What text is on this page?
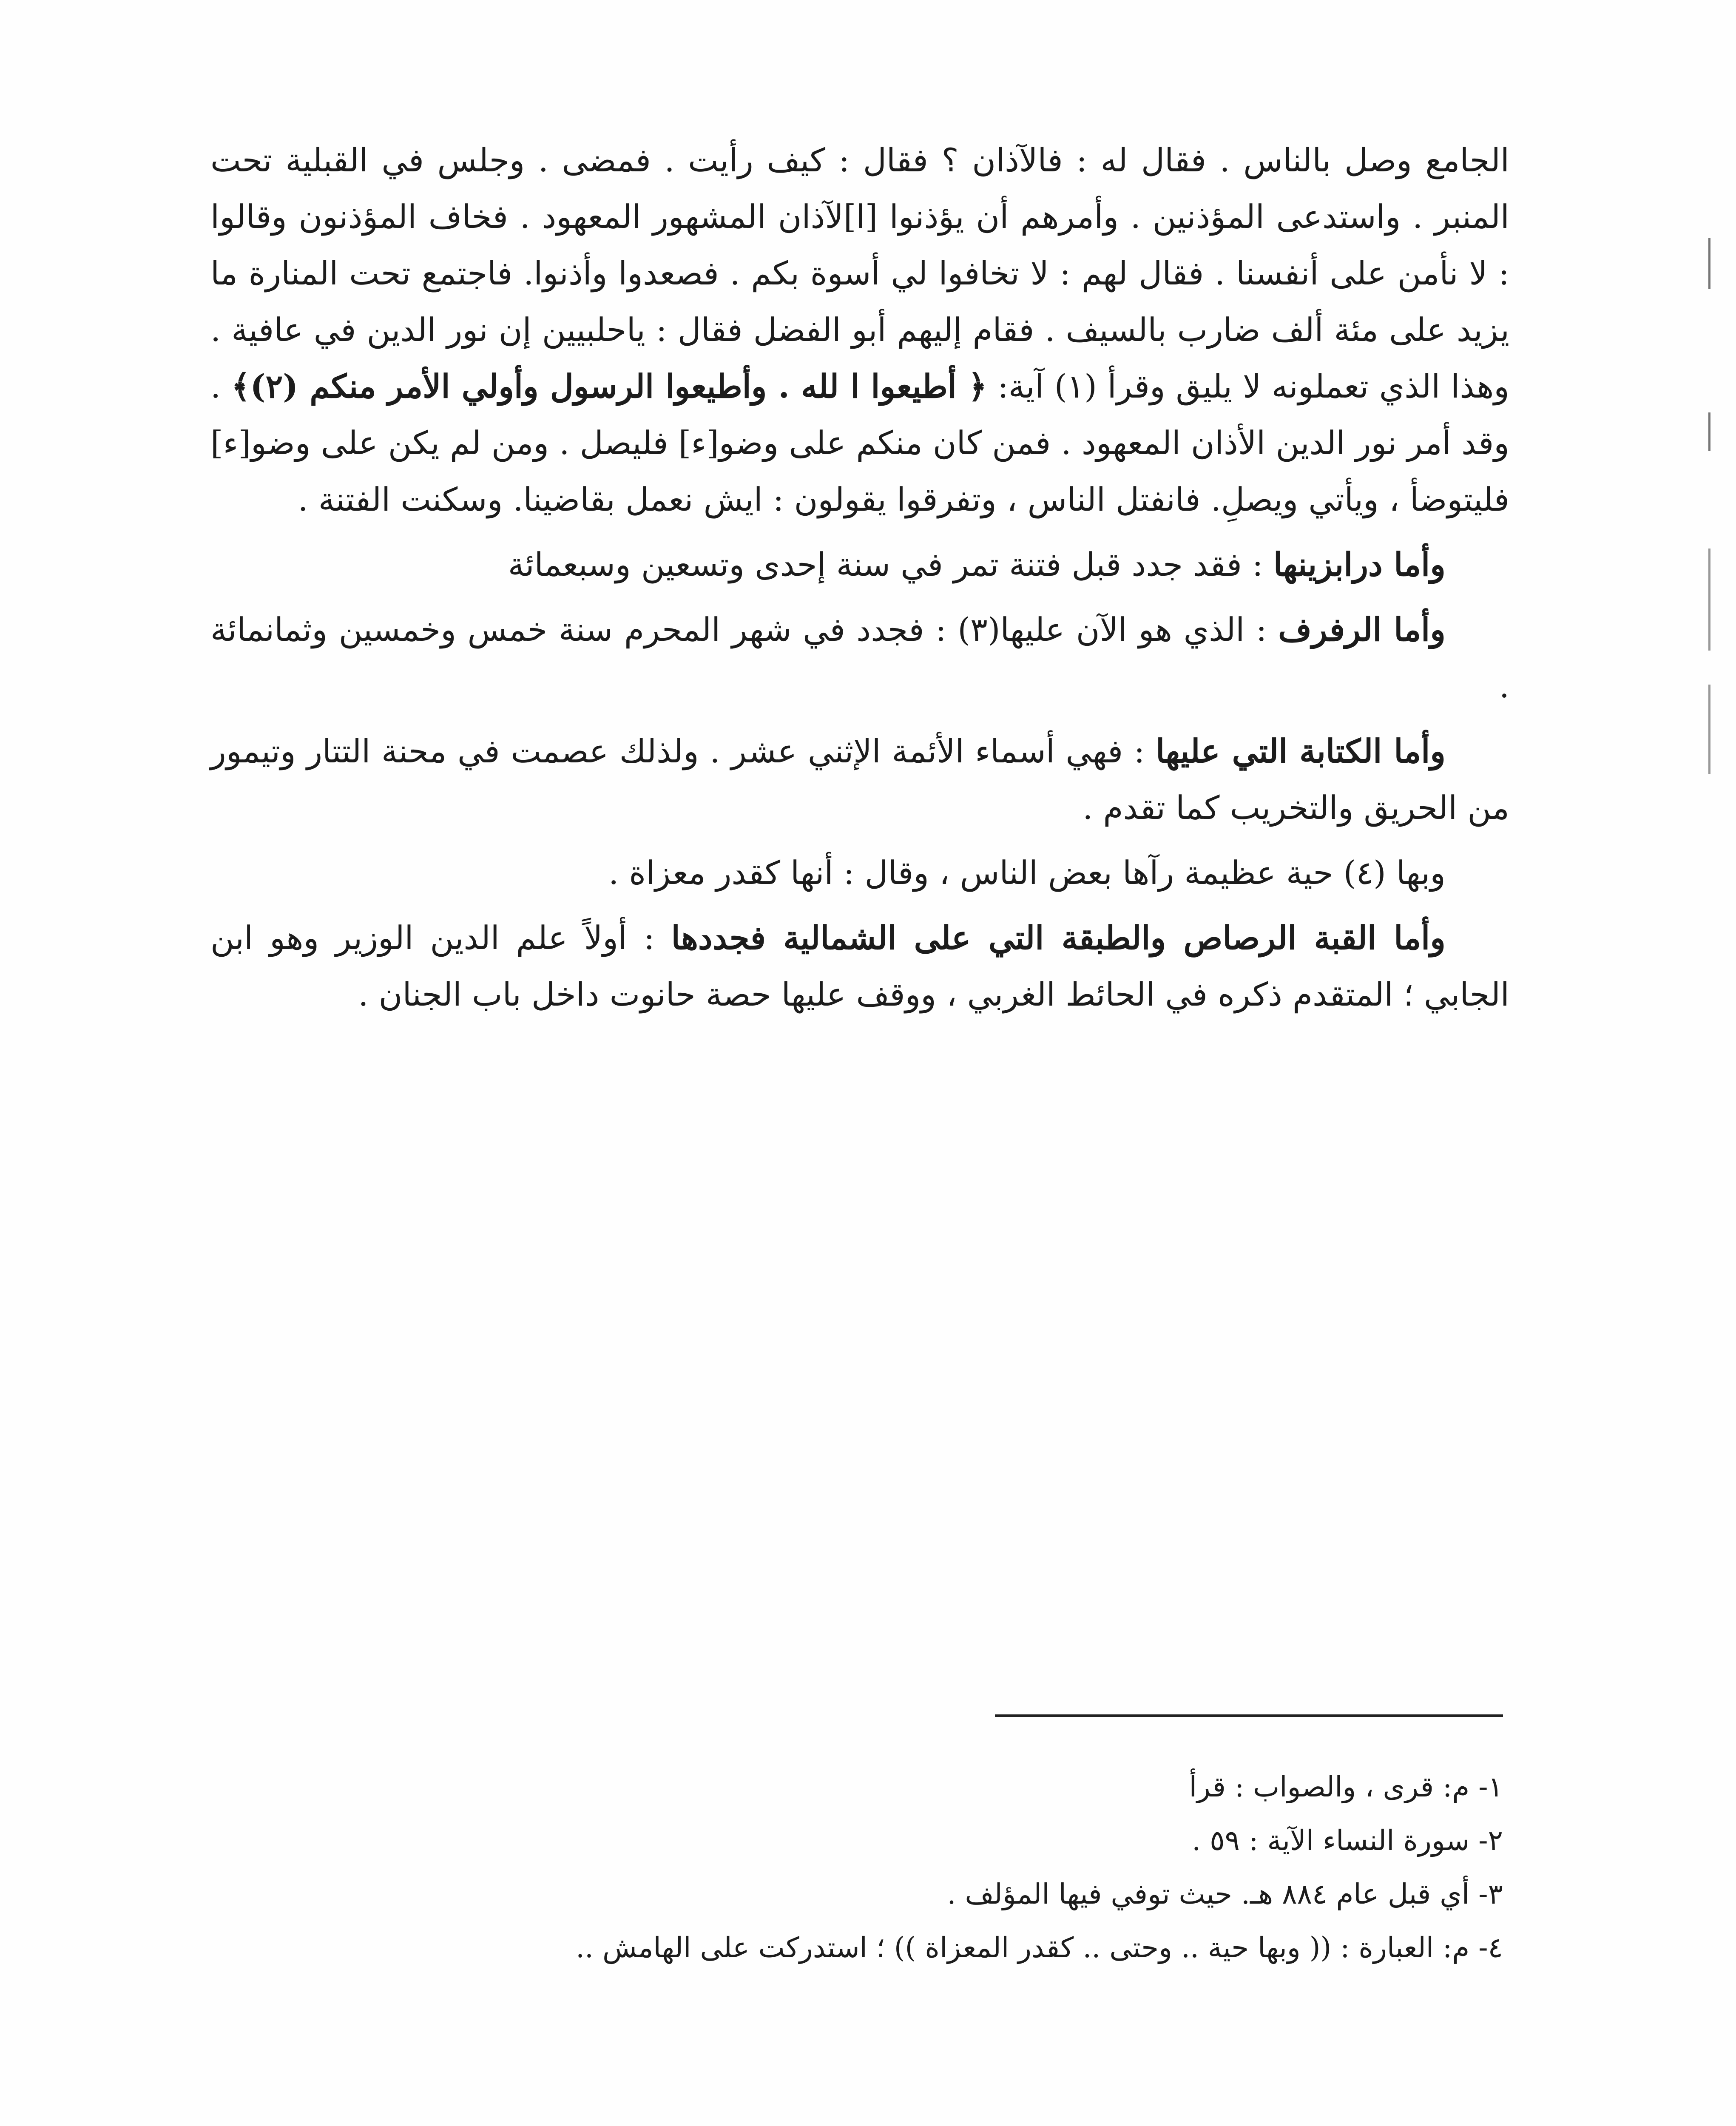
الجامع وصل بالناس . فقال له : فالآذان ؟ فقال : كيف رأيت . فمضى . وجلس في القبلية تحت المنبر . واستدعى المؤذنين . وأمرهم أن يؤذنوا [ا]لآذان المشهور المعهود . فخاف المؤذنون وقالوا : لا نأمن على أنفسنا . فقال لهم : لا تخافوا لي أسوة بكم . فصعدوا وأذنوا. فاجتمع تحت المنارة ما يزيد على مئة ألف ضارب بالسيف . فقام إليهم أبو الفضل فقال : ياحلبيين إن نور الدين في عافية . وهذا الذي تعملونه لا يليق وقرأ (١) آية: ﴿ أطيعوا ا لله . وأطيعوا الرسول وأولي الأمر منكم (٢)﴾ . وقد أمر نور الدين الأذان المعهود . فمن كان منكم على وضو[ء] فليصل . ومن لم يكن على وضو[ء] فليتوضأ ، ويأتي ويصلِ. فانفتل الناس ، وتفرقوا يقولون : ايش نعمل بقاضينا. وسكنت الفتنة .

وأما درابزينها : فقد جدد قبل فتنة تمر في سنة إحدى وتسعين وسبعمائة

وأما الرفرف : الذي هو الآن عليها(٣) : فجدد في شهر المحرم سنة خمس وخمسين وثمانمائة .

وأما الكتابة التي عليها : فهي أسماء الأئمة الإثني عشر . ولذلك عصمت في محنة التتار وتيمور من الحريق والتخريب كما تقدم .

وبها (٤) حية عظيمة رآها بعض الناس ، وقال : أنها كقدر معزاة .

وأما القبة الرصاص والطبقة التي على الشمالية فجددها : أولاً علم الدين الوزير وهو ابن الجابي ؛ المتقدم ذكره في الحائط الغربي ، ووقف عليها حصة حانوت داخل باب الجنان .

١- م: قرى ، والصواب : قرأ
٢- سورة النساء الآية : ٥٩ .
٣- أي قبل عام ٨٨٤ هـ. حيث توفي فيها المؤلف .
٤- م: العبارة : (( وبها حية .. وحتى .. كقدر المعزاة )) ؛ استدركت على الهامش ..
